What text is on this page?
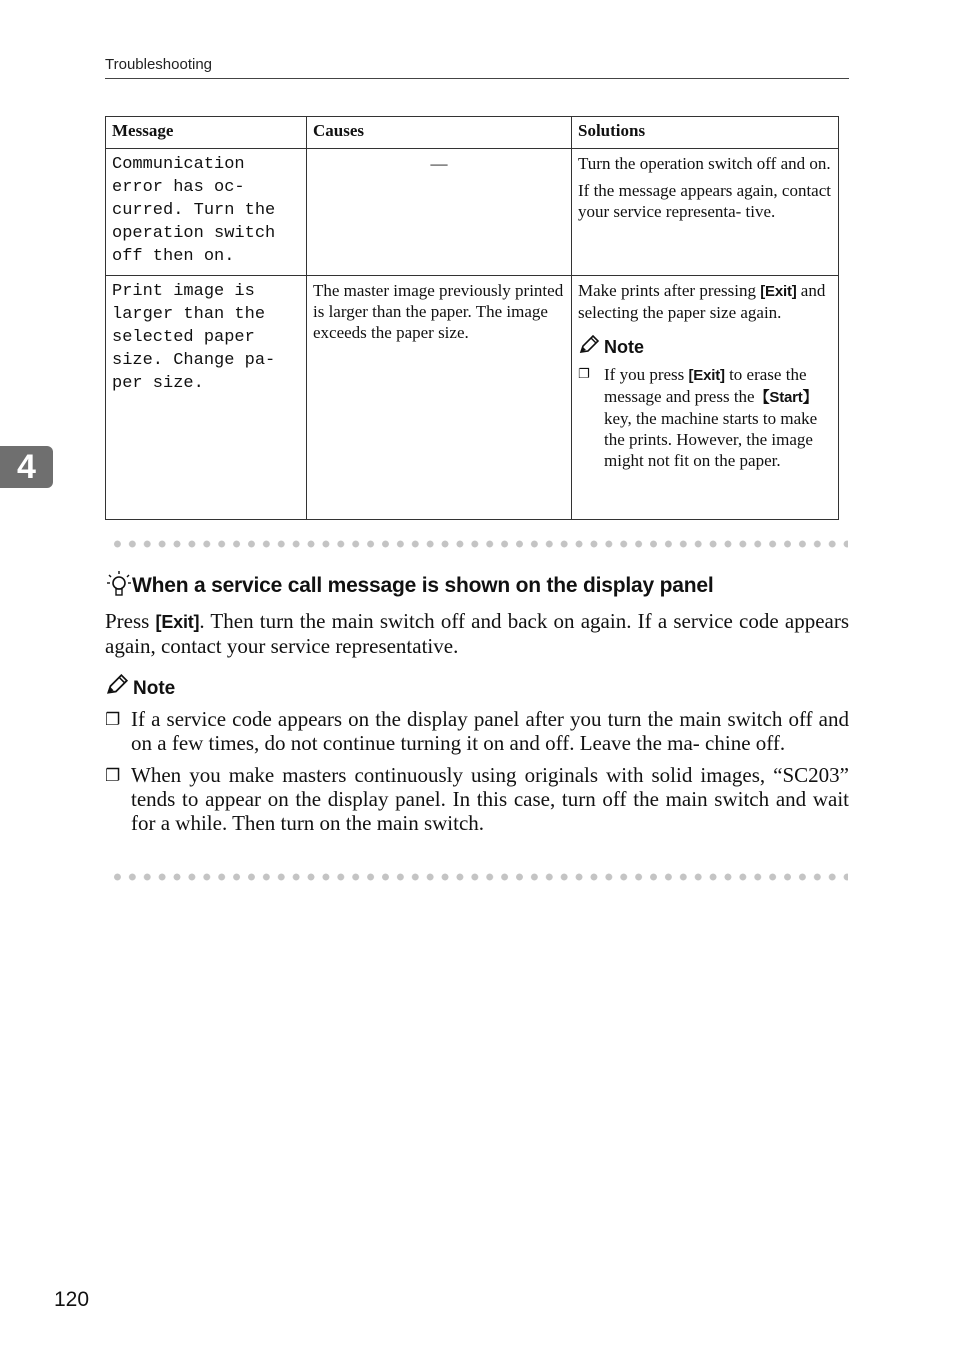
Troubleshooting
4
Message	Causes	Solutions
Communication error has oc- curred. Turn the operation switch off then on.	—	Turn the operation switch off and on.

If the message appears again, contact your service representa- tive.

Print image is larger than the selected paper size. Change pa- per size.	The master image previously printed is larger than the paper. The image exceeds the paper size.	Make prints after pressing [Exit] and selecting the paper size again.

Note
❐ If you press [Exit] to erase the message and press the【Start】 key, the machine starts to make the prints. However, the image might not fit on the paper.
When a service call message is shown on the display panel
Press [Exit]. Then turn the main switch off and back on again. If a service code appears again, contact your service representative.
Note
❐ If a service code appears on the display panel after you turn the main switch off and on a few times, do not continue turning it on and off. Leave the ma- chine off.
❐ When you make masters continuously using originals with solid images, “SC203” tends to appear on the display panel. In this case, turn off the main switch and wait for a while. Then turn on the main switch.
120
